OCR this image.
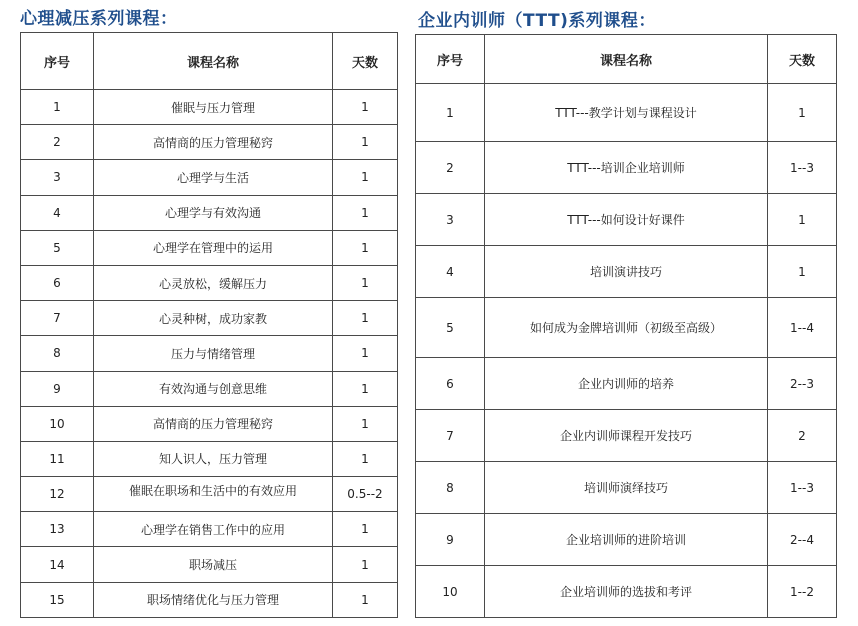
心理减压系列课程：	企业内训师（TTT)系列课程：
序号	课程名称	天数
1	催眠与压力管理	1
2	高情商的压力管理秘窍	1
3	心理学与生活	1
4	心理学与有效沟通	1
5	心理学在管理中的运用	1
6	心灵放松，缓解压力	1
7	心灵种树，成功家教	1
8	压力与情绪管理	1
9	有效沟通与创意思维	1
10	高情商的压力管理秘窍	1
11	知人识人，压力管理	1
12	催眠在职场和生活中的有效应用	0.5--2
13	心理学在销售工作中的应用	1
14	职场减压	1
15	职场情绪优化与压力管理	1
序号	课程名称	天数
1	TTT---教学计划与课程设计	1
2	TTT---培训企业培训师	1--3
3	TTT---如何设计好课件	1
4	培训演讲技巧	1
5	如何成为金牌培训师（初级至高级）	1--4
6	企业内训师的培养	2--3
7	企业内训师课程开发技巧	2
8	培训师演绎技巧	1--3
9	企业培训师的进阶培训	2--4
10	企业培训师的选拔和考评	1--2
